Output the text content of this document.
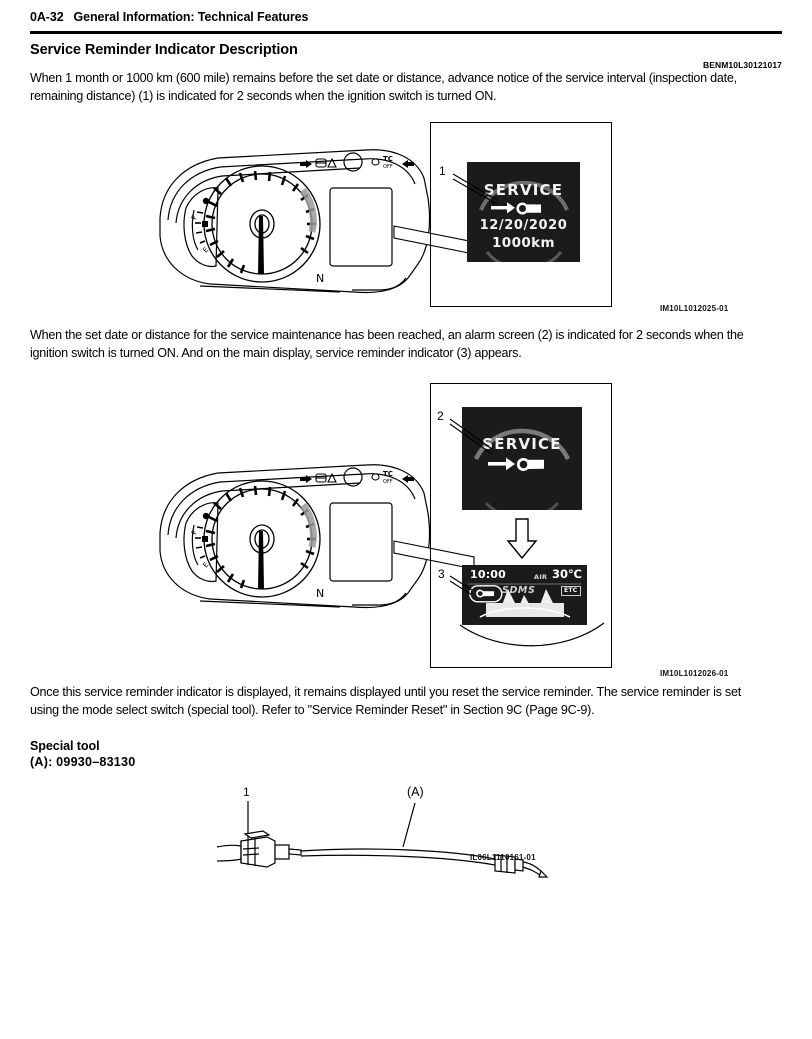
0A-32 General Information: Technical Features
Service Reminder Indicator Description
BENM10L30121017
When 1 month or 1000 km (600 mile) remains before the set date or distance, advance notice of the service interval (inspection date, remaining distance) (1) is indicated for 2 seconds when the ignition switch is turned ON.
F
E
N
TC
OFF
SERVICE
12/20/2020
1000km
1
IM10L1012025-01
When the set date or distance for the service maintenance has been reached, an alarm screen (2) is indicated for 2 seconds when the ignition switch is turned ON. And on the main display, service reminder indicator (3) appears.
F
E
N
TC
OFF
SERVICE
2
10:00	AIR 30℃
SDMS	ETC
3
IM10L1012026-01
Once this service reminder indicator is displayed, it remains displayed until you reset the service reminder. The service reminder is set using the mode select switch (special tool). Refer to "Service Reminder Reset" in Section 9C (Page 9C-9).
Special tool
(A): 09930–83130
1	(A)
IL06L1110161-01
